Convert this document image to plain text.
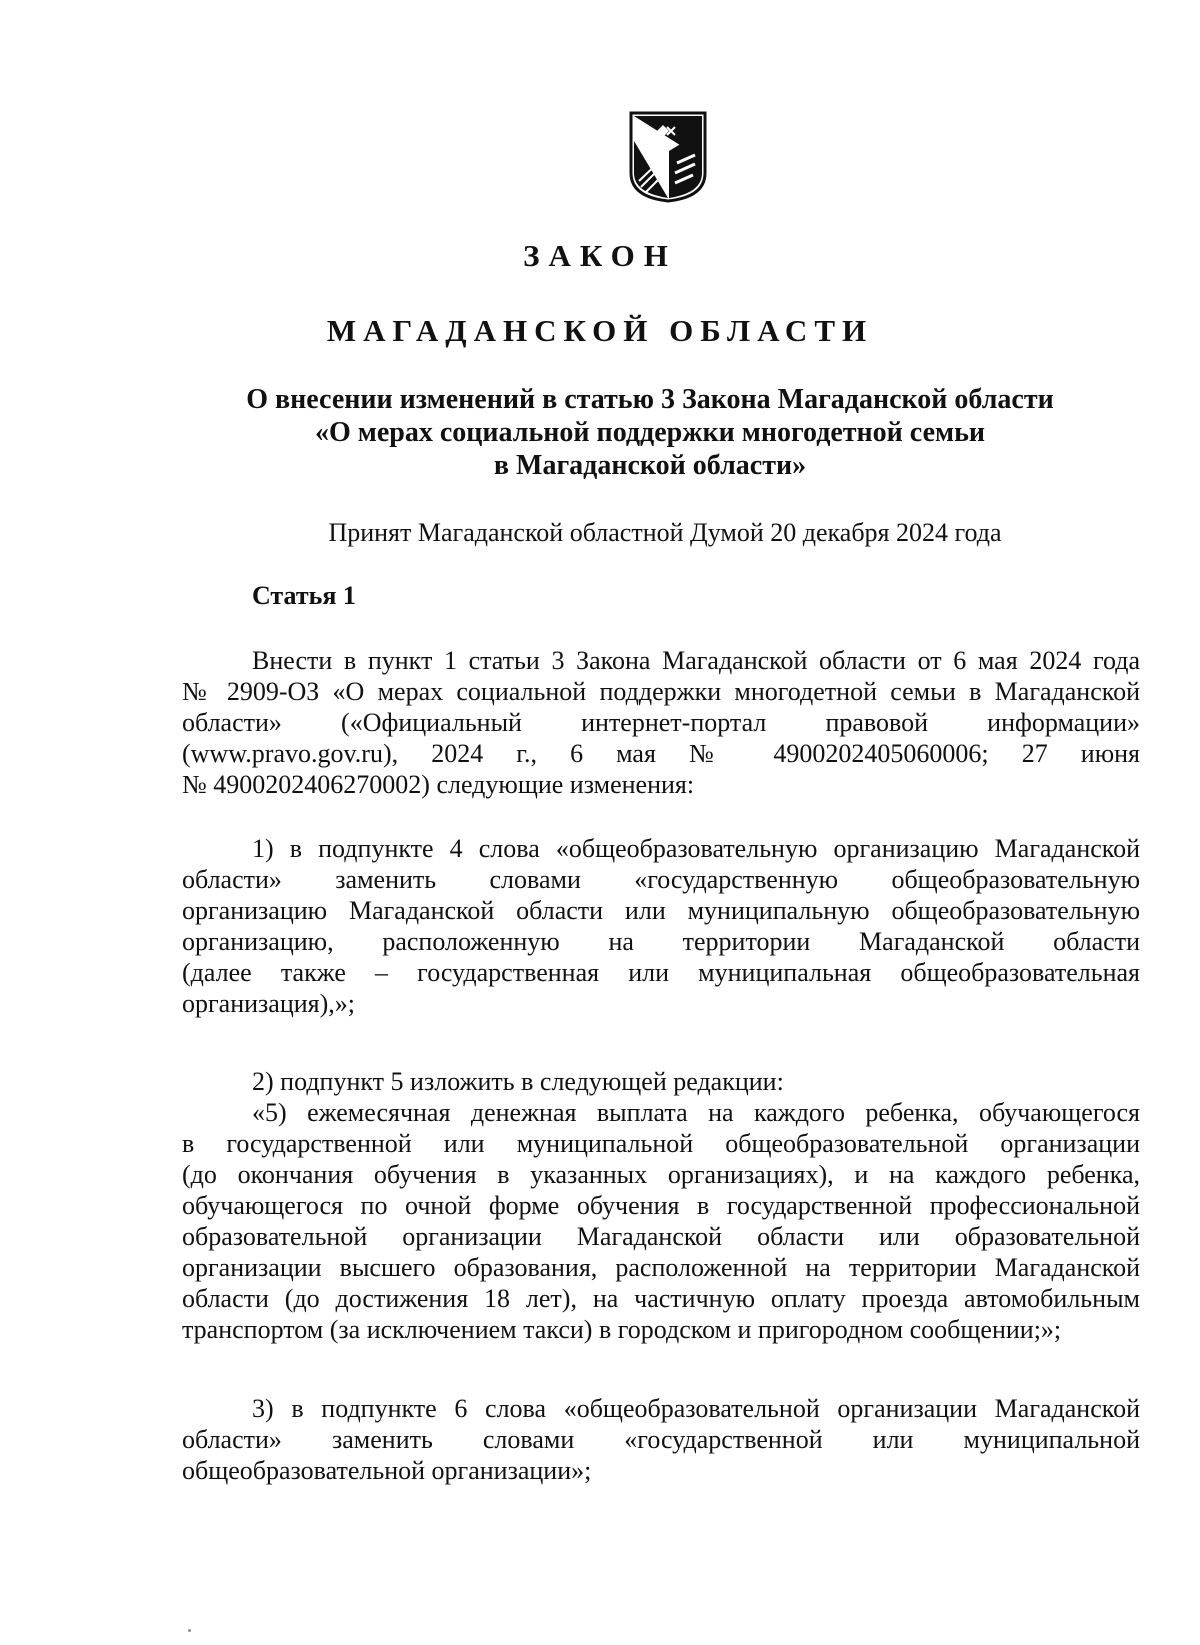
ЗАКОН
МАГАДАНСКОЙ ОБЛАСТИ
О внесении изменений в статью 3 Закона Магаданской области
«О мерах социальной поддержки многодетной семьи
в Магаданской области»
Принят Магаданской областной Думой 20 декабря 2024 года
Статья 1
Внести в пункт 1 статьи 3 Закона Магаданской области от 6 мая 2024 года
№ 2909-ОЗ «О мерах социальной поддержки многодетной семьи в Магаданской
области» («Официальный интернет-портал правовой информации»
(www.pravo.gov.ru), 2024 г., 6 мая № 4900202405060006; 27 июня
№ 4900202406270002) следующие изменения:
1) в подпункте 4 слова «общеобразовательную организацию Магаданской
области» заменить словами «государственную общеобразовательную
организацию Магаданской области или муниципальную общеобразовательную
организацию, расположенную на территории Магаданской области
(далее также – государственная или муниципальная общеобразовательная
организация),»;
2) подпункт 5 изложить в следующей редакции:
«5) ежемесячная денежная выплата на каждого ребенка, обучающегося
в государственной или муниципальной общеобразовательной организации
(до окончания обучения в указанных организациях), и на каждого ребенка,
обучающегося по очной форме обучения в государственной профессиональной
образовательной организации Магаданской области или образовательной
организации высшего образования, расположенной на территории Магаданской
области (до достижения 18 лет), на частичную оплату проезда автомобильным
транспортом (за исключением такси) в городском и пригородном сообщении;»;
3) в подпункте 6 слова «общеобразовательной организации Магаданской
области» заменить словами «государственной или муниципальной
общеобразовательной организации»;
